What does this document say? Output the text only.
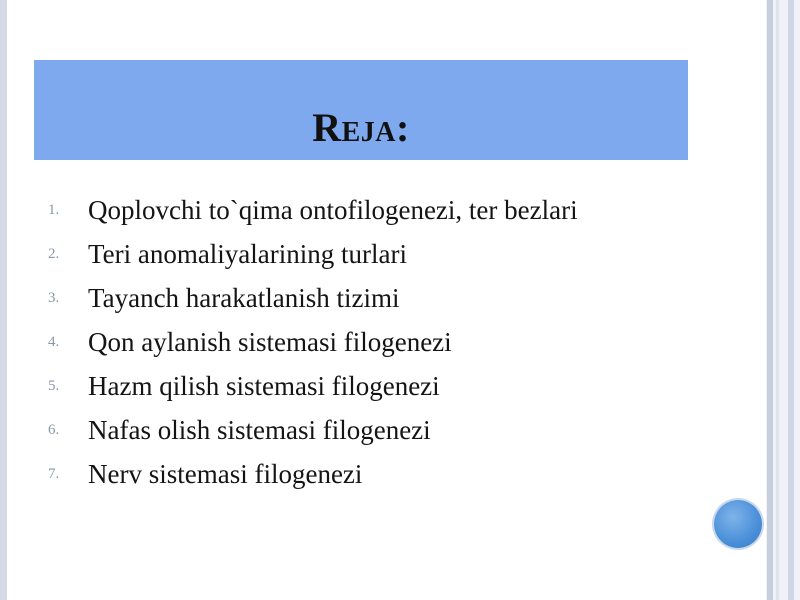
Reja:
1.	Qoplovchi to`qima ontofilogenezi, ter bezlari
2.	Teri anomaliyalarining turlari
3.	Tayanch harakatlanish tizimi
4.	Qon aylanish sistemasi filogenezi
5.	Hazm qilish sistemasi filogenezi
6.	Nafas olish sistemasi filogenezi
7.	Nerv sistemasi filogenezi
